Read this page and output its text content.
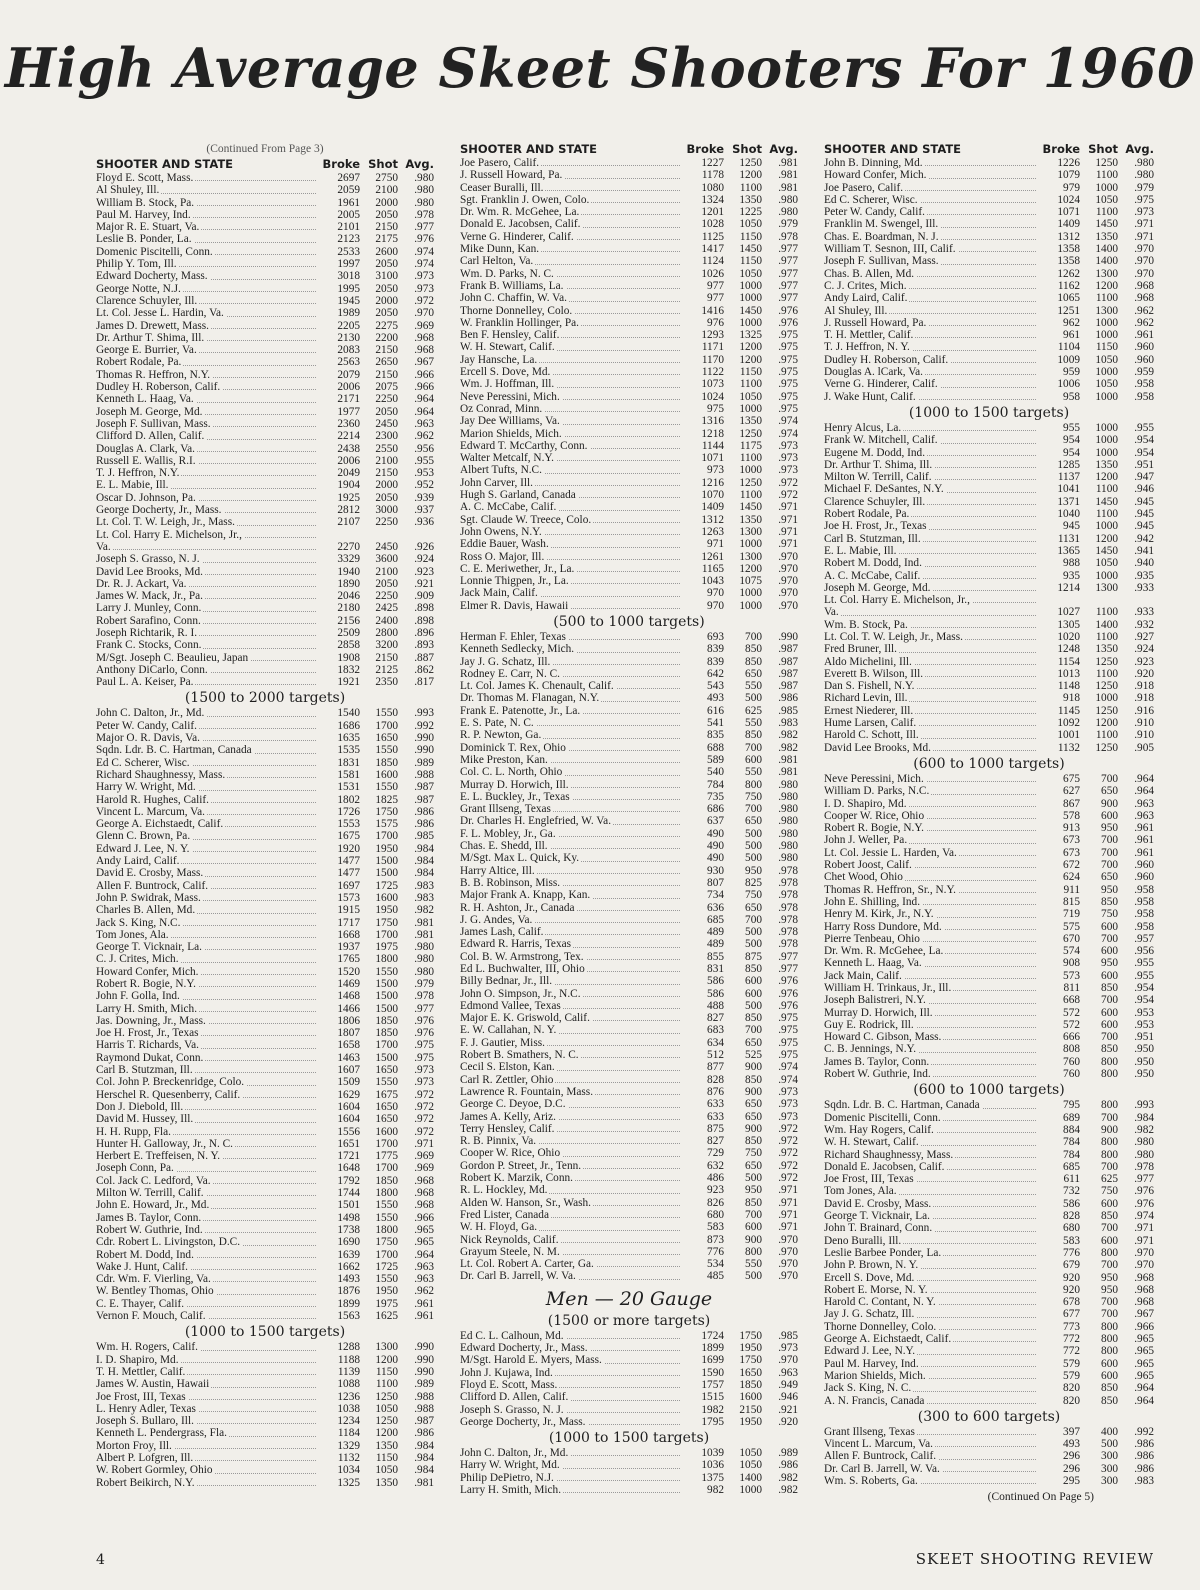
High Average Skeet Shooters For 1960
(Continued From Page 3)
SHOOTER AND STATE	Broke Shot Avg.
Floyd E. Scott, Mass.	2697	2750	.980
Al Shuley, Ill.	2059	2100	.980
William B. Stock, Pa.	1961	2000	.980
Paul M. Harvey, Ind.	2005	2050	.978
Major R. E. Stuart, Va.	2101	2150	.977
Leslie B. Ponder, La.	2123	2175	.976
Domenic Piscitelli, Conn.	2533	2600	.974
Philip Y. Tom, Ill.	1997	2050	.974
Edward Docherty, Mass.	3018	3100	.973
George Notte, N.J.	1995	2050	.973
Clarence Schuyler, Ill.	1945	2000	.972
Lt. Col. Jesse L. Hardin, Va.	1989	2050	.970
James D. Drewett, Mass.	2205	2275	.969
Dr. Arthur T. Shima, Ill.	2130	2200	.968
George E. Burrier, Va.	2083	2150	.968
Robert Rodale, Pa.	2563	2650	.967
Thomas R. Heffron, N.Y.	2079	2150	.966
Dudley H. Roberson, Calif.	2006	2075	.966
Kenneth L. Haag, Va.	2171	2250	.964
Joseph M. George, Md.	1977	2050	.964
Joseph F. Sullivan, Mass.	2360	2450	.963
Clifford D. Allen, Calif.	2214	2300	.962
Douglas A. Clark, Va.	2438	2550	.956
Russell E. Wallis, R.I.	2006	2100	.955
T. J. Heffron, N.Y.	2049	2150	.953
E. L. Mabie, Ill.	1904	2000	.952
Oscar D. Johnson, Pa.	1925	2050	.939
George Docherty, Jr., Mass.	2812	3000	.937
Lt. Col. T. W. Leigh, Jr., Mass.	2107	2250	.936
Lt. Col. Harry E. Michelson, Jr.,
Va.	2270	2450	.926
Joseph S. Grasso, N. J.	3329	3600	.924
David Lee Brooks, Md.	1940	2100	.923
Dr. R. J. Ackart, Va.	1890	2050	.921
James W. Mack, Jr., Pa.	2046	2250	.909
Larry J. Munley, Conn.	2180	2425	.898
Robert Sarafino, Conn.	2156	2400	.898
Joseph Richtarik, R. I.	2509	2800	.896
Frank C. Stocks, Conn.	2858	3200	.893
M/Sgt. Joseph C. Beaulieu, Japan	1908	2150	.887
Anthony DiCarlo, Conn.	1832	2125	.862
Paul L. A. Keiser, Pa.	1921	2350	.817
(1500 to 2000 targets)
John C. Dalton, Jr., Md.	1540	1550	.993
Peter W. Candy, Calif.	1686	1700	.992
Major O. R. Davis, Va.	1635	1650	.990
Sqdn. Ldr. B. C. Hartman, Canada	1535	1550	.990
Ed C. Scherer, Wisc.	1831	1850	.989
Richard Shaughnessy, Mass.	1581	1600	.988
Harry W. Wright, Md.	1531	1550	.987
Harold R. Hughes, Calif.	1802	1825	.987
Vincent L. Marcum, Va.	1726	1750	.986
George A. Eichstaedt, Calif.	1553	1575	.986
Glenn C. Brown, Pa.	1675	1700	.985
Edward J. Lee, N. Y.	1920	1950	.984
Andy Laird, Calif.	1477	1500	.984
David E. Crosby, Mass.	1477	1500	.984
Allen F. Buntrock, Calif.	1697	1725	.983
John P. Swidrak, Mass.	1573	1600	.983
Charles B. Allen, Md.	1915	1950	.982
Jack S. King, N.C.	1717	1750	.981
Tom Jones, Ala.	1668	1700	.981
George T. Vicknair, La.	1937	1975	.980
C. J. Crites, Mich.	1765	1800	.980
Howard Confer, Mich.	1520	1550	.980
Robert R. Bogie, N.Y.	1469	1500	.979
John F. Golla, Ind.	1468	1500	.978
Larry H. Smith, Mich.	1466	1500	.977
Jas. Downing, Jr., Mass.	1806	1850	.976
Joe H. Frost, Jr., Texas	1807	1850	.976
Harris T. Richards, Va.	1658	1700	.975
Raymond Dukat, Conn.	1463	1500	.975
Carl B. Stutzman, Ill.	1607	1650	.973
Col. John P. Breckenridge, Colo.	1509	1550	.973
Herschel R. Quesenberry, Calif.	1629	1675	.972
Don J. Diebold, Ill.	1604	1650	.972
David M. Hussey, Ill.	1604	1650	.972
H. H. Rupp, Fla.	1556	1600	.972
Hunter H. Galloway, Jr., N. C.	1651	1700	.971
Herbert E. Treffeisen, N. Y.	1721	1775	.969
Joseph Conn, Pa.	1648	1700	.969
Col. Jack C. Ledford, Va.	1792	1850	.968
Milton W. Terrill, Calif.	1744	1800	.968
John E. Howard, Jr., Md.	1501	1550	.968
James B. Taylor, Conn.	1498	1550	.966
Robert W. Guthrie, Ind.	1738	1800	.965
Cdr. Robert L. Livingston, D.C.	1690	1750	.965
Robert M. Dodd, Ind.	1639	1700	.964
Wake J. Hunt, Calif.	1662	1725	.963
Cdr. Wm. F. Vierling, Va.	1493	1550	.963
W. Bentley Thomas, Ohio	1876	1950	.962
C. E. Thayer, Calif.	1899	1975	.961
Vernon F. Mouch, Calif.	1563	1625	.961
(1000 to 1500 targets)
Wm. H. Rogers, Calif.	1288	1300	.990
I. D. Shapiro, Md.	1188	1200	.990
T. H. Mettler, Calif.	1139	1150	.990
James W. Austin, Hawaii	1088	1100	.989
Joe Frost, III, Texas	1236	1250	.988
L. Henry Adler, Texas	1038	1050	.988
Joseph S. Bullaro, Ill.	1234	1250	.987
Kenneth L. Pendergrass, Fla.	1184	1200	.986
Morton Froy, Ill.	1329	1350	.984
Albert P. Lofgren, Ill.	1132	1150	.984
W. Robert Gormley, Ohio	1034	1050	.984
Robert Beikirch, N.Y.	1325	1350	.981
SHOOTER AND STATE	Broke Shot Avg.
Joe Pasero, Calif.	1227	1250	.981
J. Russell Howard, Pa.	1178	1200	.981
Ceaser Buralli, Ill.	1080	1100	.981
Sgt. Franklin J. Owen, Colo.	1324	1350	.980
Dr. Wm. R. McGehee, La.	1201	1225	.980
Donald E. Jacobsen, Calif.	1028	1050	.979
Verne G. Hinderer, Calif.	1125	1150	.978
Mike Dunn, Kan.	1417	1450	.977
Carl Helton, Va.	1124	1150	.977
Wm. D. Parks, N. C.	1026	1050	.977
Frank B. Williams, La.	977	1000	.977
John C. Chaffin, W. Va.	977	1000	.977
Thorne Donnelley, Colo.	1416	1450	.976
W. Franklin Hollinger, Pa.	976	1000	.976
Ben F. Hensley, Calif.	1293	1325	.975
W. H. Stewart, Calif.	1171	1200	.975
Jay Hansche, La.	1170	1200	.975
Ercell S. Dove, Md.	1122	1150	.975
Wm. J. Hoffman, Ill.	1073	1100	.975
Neve Peressini, Mich.	1024	1050	.975
Oz Conrad, Minn.	975	1000	.975
Jay Dee Williams, Va.	1316	1350	.974
Marion Shields, Mich.	1218	1250	.974
Edward T. McCarthy, Conn.	1144	1175	.973
Walter Metcalf, N.Y.	1071	1100	.973
Albert Tufts, N.C.	973	1000	.973
John Carver, Ill.	1216	1250	.972
Hugh S. Garland, Canada	1070	1100	.972
A. C. McCabe, Calif.	1409	1450	.971
Sgt. Claude W. Treece, Colo.	1312	1350	.971
John Owens, N.Y.	1263	1300	.971
Eddie Bauer, Wash.	971	1000	.971
Ross O. Major, Ill.	1261	1300	.970
C. E. Meriwether, Jr., La.	1165	1200	.970
Lonnie Thigpen, Jr., La.	1043	1075	.970
Jack Main, Calif.	970	1000	.970
Elmer R. Davis, Hawaii	970	1000	.970
(500 to 1000 targets)
Herman F. Ehler, Texas	693	700	.990
Kenneth Sedlecky, Mich.	839	850	.987
Jay J. G. Schatz, Ill.	839	850	.987
Rodney E. Carr, N. C.	642	650	.987
Lt. Col. James K. Chenault, Calif.	543	550	.987
Dr. Thomas M. Flanagan, N.Y.	493	500	.986
Frank E. Patenotte, Jr., La.	616	625	.985
E. S. Pate, N. C.	541	550	.983
R. P. Newton, Ga.	835	850	.982
Dominick T. Rex, Ohio	688	700	.982
Mike Preston, Kan.	589	600	.981
Col. C. L. North, Ohio	540	550	.981
Murray D. Horwich, Ill.	784	800	.980
E. L. Buckley, Jr., Texas	735	750	.980
Grant Illseng, Texas	686	700	.980
Dr. Charles H. Englefried, W. Va.	637	650	.980
F. L. Mobley, Jr., Ga.	490	500	.980
Chas. E. Shedd, Ill.	490	500	.980
M/Sgt. Max L. Quick, Ky.	490	500	.980
Harry Altice, Ill.	930	950	.978
B. B. Robinson, Miss.	807	825	.978
Major Frank A. Knapp, Kan.	734	750	.978
R. H. Ashton, Jr., Canada	636	650	.978
J. G. Andes, Va.	685	700	.978
James Lash, Calif.	489	500	.978
Edward R. Harris, Texas	489	500	.978
Col. B. W. Armstrong, Tex.	855	875	.977
Ed L. Buchwalter, III, Ohio	831	850	.977
Billy Bednar, Jr., Ill.	586	600	.976
John O. Simpson, Jr., N.C.	586	600	.976
Edmond Vallee, Texas	488	500	.976
Major E. K. Griswold, Calif.	827	850	.975
E. W. Callahan, N. Y.	683	700	.975
F. J. Gautier, Miss.	634	650	.975
Robert B. Smathers, N. C.	512	525	.975
Cecil S. Elston, Kan.	877	900	.974
Carl R. Zettler, Ohio	828	850	.974
Lawrence R. Fountain, Mass.	876	900	.973
George C. Deyoe, D.C.	633	650	.973
James A. Kelly, Ariz.	633	650	.973
Terry Hensley, Calif.	875	900	.972
R. B. Pinnix, Va.	827	850	.972
Cooper W. Rice, Ohio	729	750	.972
Gordon P. Street, Jr., Tenn.	632	650	.972
Robert K. Marzik, Conn.	486	500	.972
R. L. Hockley, Md.	923	950	.971
Alden W. Hanson, Sr., Wash.	826	850	.971
Fred Lister, Canada	680	700	.971
W. H. Floyd, Ga.	583	600	.971
Nick Reynolds, Calif.	873	900	.970
Grayum Steele, N. M.	776	800	.970
Lt. Col. Robert A. Carter, Ga.	534	550	.970
Dr. Carl B. Jarrell, W. Va.	485	500	.970
Men — 20 Gauge
(1500 or more targets)
Ed C. L. Calhoun, Md.	1724	1750	.985
Edward Docherty, Jr., Mass.	1899	1950	.973
M/Sgt. Harold E. Myers, Mass.	1699	1750	.970
John J. Kujawa, Ind.	1590	1650	.963
Floyd E. Scott, Mass.	1757	1850	.949
Clifford D. Allen, Calif.	1515	1600	.946
Joseph S. Grasso, N. J.	1982	2150	.921
George Docherty, Jr., Mass.	1795	1950	.920
(1000 to 1500 targets)
John C. Dalton, Jr., Md.	1039	1050	.989
Harry W. Wright, Md.	1036	1050	.986
Philip DePietro, N.J.	1375	1400	.982
Larry H. Smith, Mich.	982	1000	.982
SHOOTER AND STATE	Broke Shot Avg.
John B. Dinning, Md.	1226	1250	.980
Howard Confer, Mich.	1079	1100	.980
Joe Pasero, Calif.	979	1000	.979
Ed C. Scherer, Wisc.	1024	1050	.975
Peter W. Candy, Calif.	1071	1100	.973
Franklin M. Swengel, Ill.	1409	1450	.971
Chas. E. Boardman, N. J.	1312	1350	.971
William T. Sesnon, III, Calif.	1358	1400	.970
Joseph F. Sullivan, Mass.	1358	1400	.970
Chas. B. Allen, Md.	1262	1300	.970
C. J. Crites, Mich.	1162	1200	.968
Andy Laird, Calif.	1065	1100	.968
Al Shuley, Ill.	1251	1300	.962
J. Russell Howard, Pa.	962	1000	.962
T. H. Mettler, Calif.	961	1000	.961
T. J. Heffron, N. Y.	1104	1150	.960
Dudley H. Roberson, Calif.	1009	1050	.960
Douglas A. lCark, Va.	959	1000	.959
Verne G. Hinderer, Calif.	1006	1050	.958
J. Wake Hunt, Calif.	958	1000	.958
(1000 to 1500 targets)
Henry Alcus, La.	955	1000	.955
Frank W. Mitchell, Calif.	954	1000	.954
Eugene M. Dodd, Ind.	954	1000	.954
Dr. Arthur T. Shima, Ill.	1285	1350	.951
Milton W. Terrill, Calif.	1137	1200	.947
Michael F. DeSantes, N.Y.	1041	1100	.946
Clarence Schuyler, Ill.	1371	1450	.945
Robert Rodale, Pa.	1040	1100	.945
Joe H. Frost, Jr., Texas	945	1000	.945
Carl B. Stutzman, Ill.	1131	1200	.942
E. L. Mabie, Ill.	1365	1450	.941
Robert M. Dodd, Ind.	988	1050	.940
A. C. McCabe, Calif.	935	1000	.935
Joseph M. George, Md.	1214	1300	.933
Lt. Col. Harry E. Michelson, Jr.,
Va.	1027	1100	.933
Wm. B. Stock, Pa.	1305	1400	.932
Lt. Col. T. W. Leigh, Jr., Mass.	1020	1100	.927
Fred Bruner, Ill.	1248	1350	.924
Aldo Michelini, Ill.	1154	1250	.923
Everett B. Wilson, Ill.	1013	1100	.920
Dan S. Fishell, N.Y.	1148	1250	.918
Richard Levin, Ill.	918	1000	.918
Ernest Niederer, Ill.	1145	1250	.916
Hume Larsen, Calif.	1092	1200	.910
Harold C. Schott, Ill.	1001	1100	.910
David Lee Brooks, Md.	1132	1250	.905
(600 to 1000 targets)
Neve Peressini, Mich.	675	700	.964
William D. Parks, N.C.	627	650	.964
I. D. Shapiro, Md.	867	900	.963
Cooper W. Rice, Ohio	578	600	.963
Robert R. Bogie, N.Y.	913	950	.961
John J. Weller, Pa.	673	700	.961
Lt. Col. Jessie L. Harden, Va.	673	700	.961
Robert Joost, Calif.	672	700	.960
Chet Wood, Ohio	624	650	.960
Thomas R. Heffron, Sr., N.Y.	911	950	.958
John E. Shilling, Ind.	815	850	.958
Henry M. Kirk, Jr., N.Y.	719	750	.958
Harry Ross Dundore, Md.	575	600	.958
Pierre Tenbeau, Ohio	670	700	.957
Dr. Wm. R. McGehee, La.	574	600	.956
Kenneth L. Haag, Va.	908	950	.955
Jack Main, Calif.	573	600	.955
William H. Trinkaus, Jr., Ill.	811	850	.954
Joseph Balistreri, N.Y.	668	700	.954
Murray D. Horwich, Ill.	572	600	.953
Guy E. Rodrick, Ill.	572	600	.953
Howard C. Gibson, Mass.	666	700	.951
C. B. Jennings, N.Y.	808	850	.950
James B. Taylor, Conn.	760	800	.950
Robert W. Guthrie, Ind.	760	800	.950
(600 to 1000 targets)
Sqdn. Ldr. B. C. Hartman, Canada	795	800	.993
Domenic Piscitelli, Conn.	689	700	.984
Wm. Hay Rogers, Calif.	884	900	.982
W. H. Stewart, Calif.	784	800	.980
Richard Shaughnessy, Mass.	784	800	.980
Donald E. Jacobsen, Calif.	685	700	.978
Joe Frost, III, Texas	611	625	.977
Tom Jones, Ala.	732	750	.976
David E. Crosby, Mass.	586	600	.976
George T. Vicknair, La.	828	850	.974
John T. Brainard, Conn.	680	700	.971
Deno Buralli, Ill.	583	600	.971
Leslie Barbee Ponder, La.	776	800	.970
John P. Brown, N. Y.	679	700	.970
Ercell S. Dove, Md.	920	950	.968
Robert E. Morse, N. Y.	920	950	.968
Harold C. Contant, N. Y.	678	700	.968
Jay J. G. Schatz, Ill.	677	700	.967
Thorne Donnelley, Colo.	773	800	.966
George A. Eichstaedt, Calif.	772	800	.965
Edward J. Lee, N.Y.	772	800	.965
Paul M. Harvey, Ind.	579	600	.965
Marion Shields, Mich.	579	600	.965
Jack S. King, N. C.	820	850	.964
A. N. Francis, Canada	820	850	.964
(300 to 600 targets)
Grant Illseng, Texas	397	400	.992
Vincent L. Marcum, Va.	493	500	.986
Allen F. Buntrock, Calif.	296	300	.986
Dr. Carl B. Jarrell, W. Va.	296	300	.986
Wm. S. Roberts, Ga.	295	300	.983
(Continued On Page 5)
4	SKEET SHOOTING REVIEW
